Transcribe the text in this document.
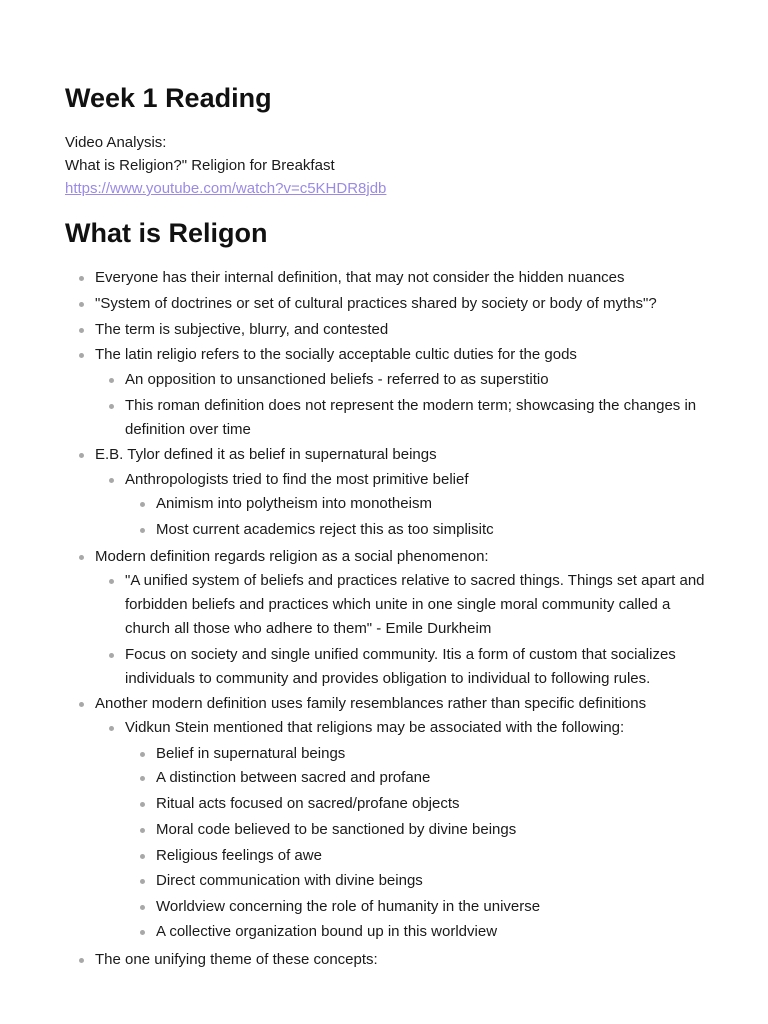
Week 1 Reading
Video Analysis:
What is Religion?" Religion for Breakfast
https://www.youtube.com/watch?v=c5KHDR8jdb
What is Religon
Everyone has their internal definition, that may not consider the hidden nuances
"System of doctrines or set of cultural practices shared by society or body of myths"?
The term is subjective, blurry, and contested
The latin religio refers to the socially acceptable cultic duties for the gods
An opposition to unsanctioned beliefs - referred to as superstitio
This roman definition does not represent the modern term; showcasing the changes in definition over time
E.B. Tylor defined it as belief in supernatural beings
Anthropologists tried to find the most primitive belief
Animism into polytheism into monotheism
Most current academics reject this as too simplisitc
Modern definition regards religion as a social phenomenon:
"A unified system of beliefs and practices relative to sacred things. Things set apart and forbidden beliefs and practices which unite in one single moral community called a church all those who adhere to them" - Emile Durkheim
Focus on society and single unified community. Itis a form of custom that socializes individuals to community and provides obligation to individual to following rules.
Another modern definition uses family resemblances rather than specific definitions
Vidkun Stein mentioned that religions may be associated with the following:
Belief in supernatural beings
A distinction between sacred and profane
Ritual acts focused on sacred/profane objects
Moral code believed to be sanctioned by divine beings
Religious feelings of awe
Direct communication with divine beings
Worldview concerning the role of humanity in the universe
A collective organization bound up in this worldview
The one unifying theme of these concepts:
